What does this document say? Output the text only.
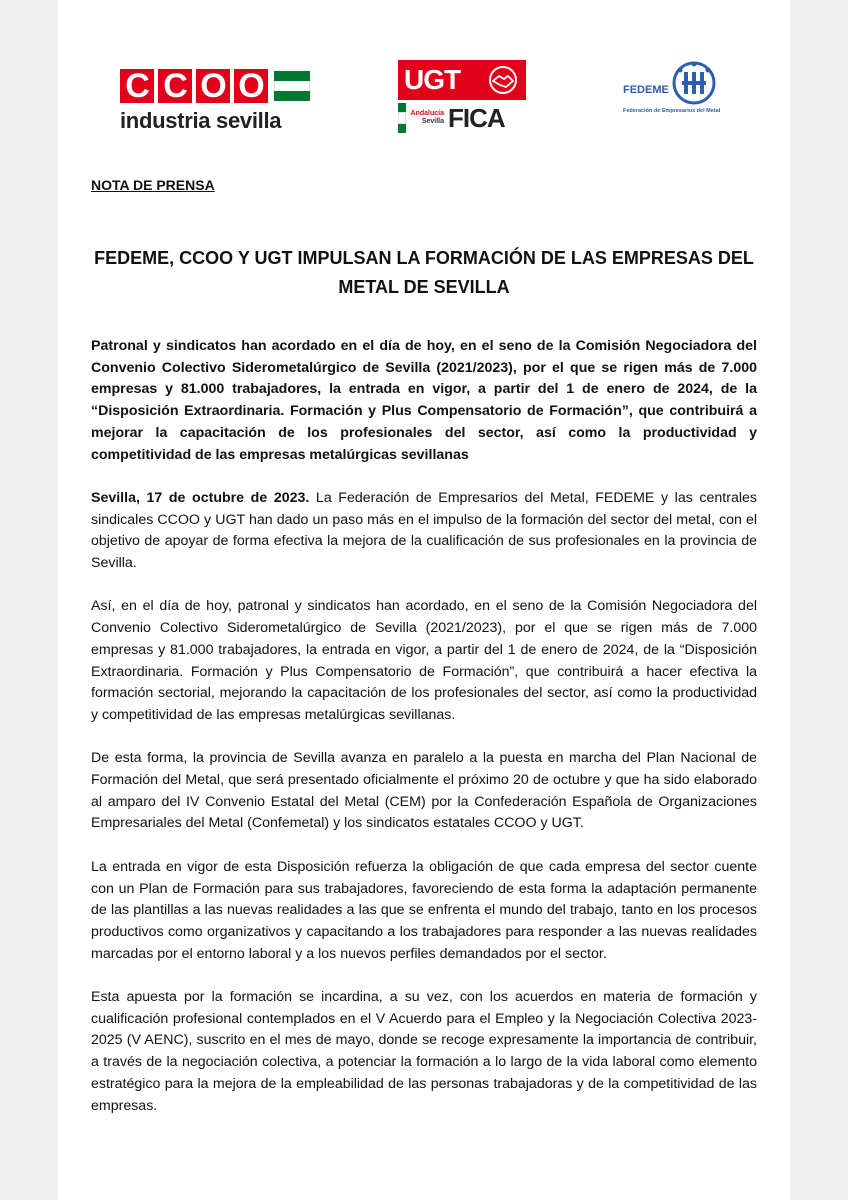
C C O O
industria sevilla
UGT
Andalucía
Sevilla FICA
FEDEME
Federación de Empresarios del Metal
NOTA DE PRENSA
FEDEME, CCOO Y UGT IMPULSAN LA FORMACIÓN DE LAS EMPRESAS DEL
METAL DE SEVILLA

Patronal y sindicatos han acordado en el día de hoy, en el seno de la Comisión Negociadora del Convenio Colectivo Siderometalúrgico de Sevilla (2021/2023), por el que se rigen más de 7.000 empresas y 81.000 trabajadores, la entrada en vigor, a partir del 1 de enero de 2024, de la “Disposición Extraordinaria. Formación y Plus Compensatorio de Formación”, que contribuirá a mejorar la capacitación de los profesionales del sector, así como la productividad y competitividad de las empresas metalúrgicas sevillanas

Sevilla, 17 de octubre de 2023. La Federación de Empresarios del Metal, FEDEME y las centrales sindicales CCOO y UGT han dado un paso más en el impulso de la formación del sector del metal, con el objetivo de apoyar de forma efectiva la mejora de la cualificación de sus profesionales en la provincia de Sevilla.

Así, en el día de hoy, patronal y sindicatos han acordado, en el seno de la Comisión Negociadora del Convenio Colectivo Siderometalúrgico de Sevilla (2021/2023), por el que se rigen más de 7.000 empresas y 81.000 trabajadores, la entrada en vigor, a partir del 1 de enero de 2024, de la “Disposición Extraordinaria. Formación y Plus Compensatorio de Formación”, que contribuirá a hacer efectiva la formación sectorial, mejorando la capacitación de los profesionales del sector, así como la productividad y competitividad de las empresas metalúrgicas sevillanas.

De esta forma, la provincia de Sevilla avanza en paralelo a la puesta en marcha del Plan Nacional de Formación del Metal, que será presentado oficialmente el próximo 20 de octubre y que ha sido elaborado al amparo del IV Convenio Estatal del Metal (CEM) por la Confederación Española de Organizaciones Empresariales del Metal (Confemetal) y los sindicatos estatales CCOO y UGT.

La entrada en vigor de esta Disposición refuerza la obligación de que cada empresa del sector cuente con un Plan de Formación para sus trabajadores, favoreciendo de esta forma la adaptación permanente de las plantillas a las nuevas realidades a las que se enfrenta el mundo del trabajo, tanto en los procesos productivos como organizativos y capacitando a los trabajadores para responder a las nuevas realidades marcadas por el entorno laboral y a los nuevos perfiles demandados por el sector.

Esta apuesta por la formación se incardina, a su vez, con los acuerdos en materia de formación y cualificación profesional contemplados en el V Acuerdo para el Empleo y la Negociación Colectiva 2023-2025 (V AENC), suscrito en el mes de mayo, donde se recoge expresamente la importancia de contribuir, a través de la negociación colectiva, a potenciar la formación a lo largo de la vida laboral como elemento estratégico para la mejora de la empleabilidad de las personas trabajadoras y de la competitividad de las empresas.
